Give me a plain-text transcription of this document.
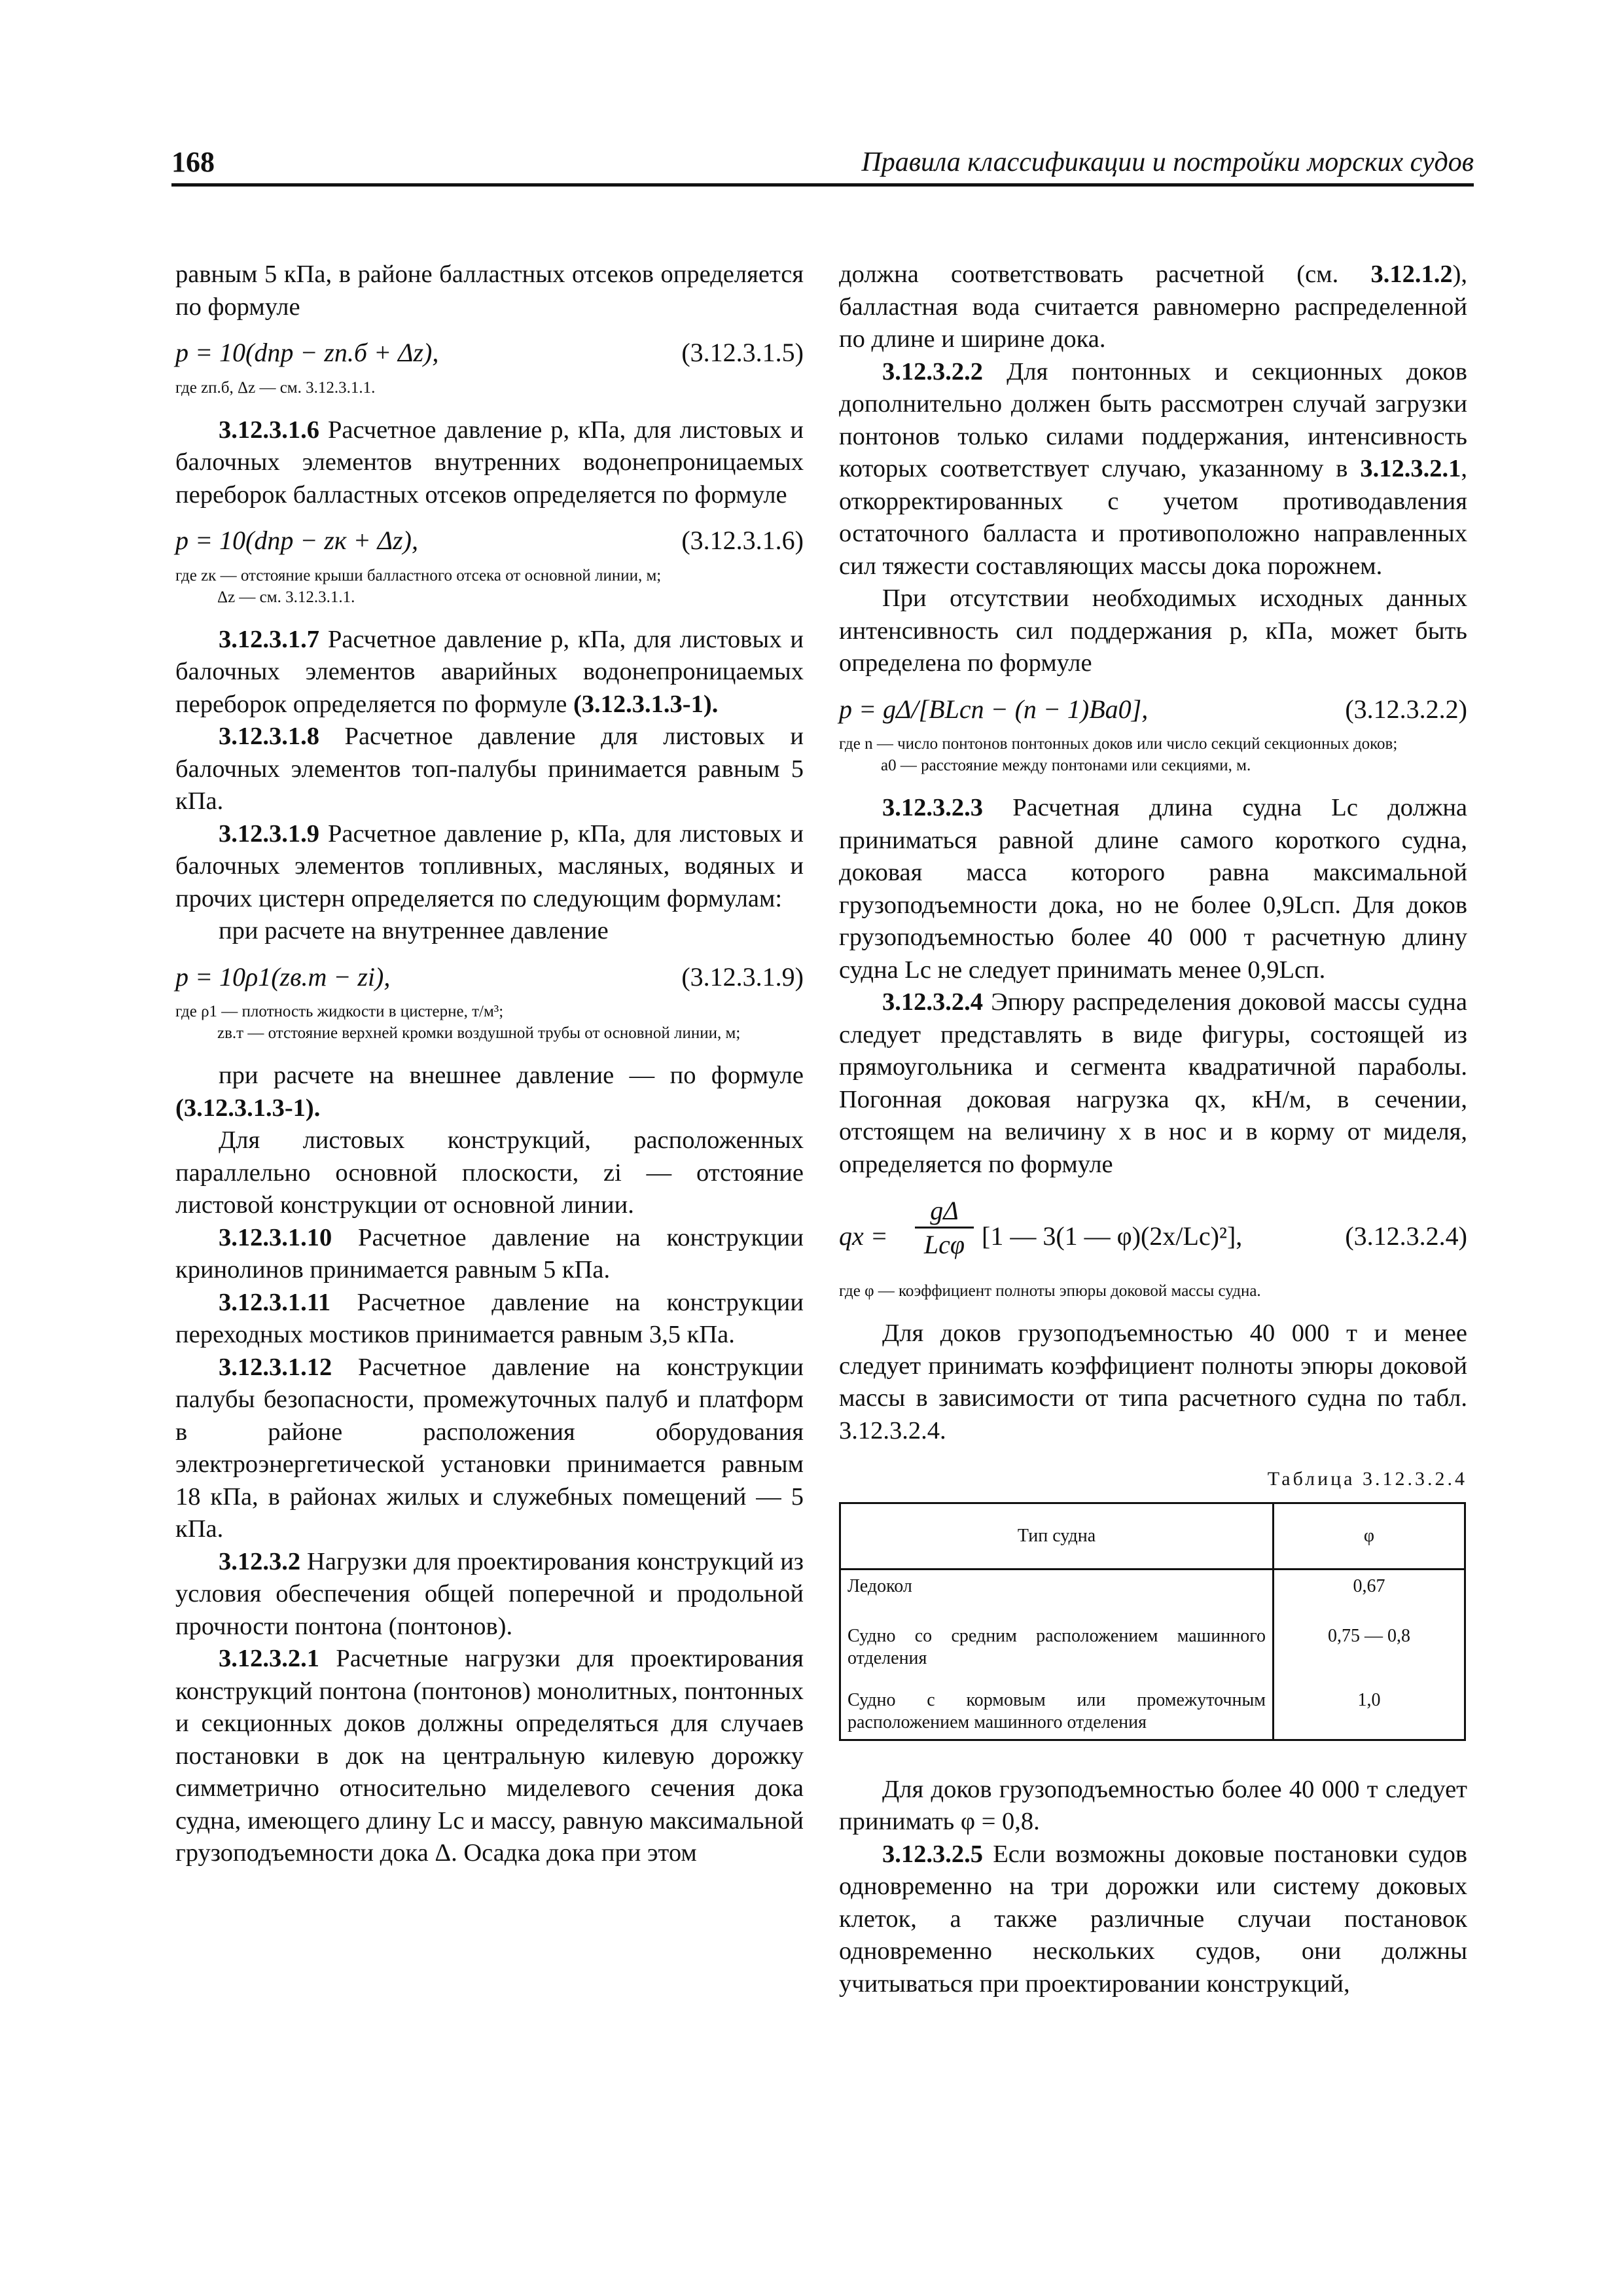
168	Правила классификации и постройки морских судов

равным 5 кПа, в районе балластных отсеков определяется по формуле

p = 10(dпр − zп.б + Δz),	(3.12.3.1.5)

где zп.б, Δz — см. 3.12.3.1.1.

3.12.3.1.6 Расчетное давление p, кПа, для листовых и балочных элементов внутренних водонепроницаемых переборок балластных отсеков определяется по формуле

p = 10(dпр − zк + Δz),	(3.12.3.1.6)

где zк — отстояние крыши балластного отсека от основной линии, м;

Δz — см. 3.12.3.1.1.

3.12.3.1.7 Расчетное давление p, кПа, для листовых и балочных элементов аварийных водонепроницаемых переборок определяется по формуле (3.12.3.1.3-1).

3.12.3.1.8 Расчетное давление для листовых и балочных элементов топ-палубы принимается равным 5 кПа.

3.12.3.1.9 Расчетное давление p, кПа, для листовых и балочных элементов топливных, масляных, водяных и прочих цистерн определяется по следующим формулам:

при расчете на внутреннее давление

p = 10ρ1(zв.т − zi),	(3.12.3.1.9)

где ρ1 — плотность жидкости в цистерне, т/м³;

zв.т — отстояние верхней кромки воздушной трубы от основной линии, м;

при расчете на внешнее давление — по формуле (3.12.3.1.3-1).

Для листовых конструкций, расположенных параллельно основной плоскости, zi — отстояние листовой конструкции от основной линии.

3.12.3.1.10 Расчетное давление на конструкции кринолинов принимается равным 5 кПа.

3.12.3.1.11 Расчетное давление на конструкции переходных мостиков принимается равным 3,5 кПа.

3.12.3.1.12 Расчетное давление на конструкции палубы безопасности, промежуточных палуб и платформ в районе расположения оборудования электроэнергетической установки принимается равным 18 кПа, в районах жилых и служебных помещений — 5 кПа.

3.12.3.2 Нагрузки для проектирования конструкций из условия обеспечения общей поперечной и продольной прочности понтона (понтонов).

3.12.3.2.1 Расчетные нагрузки для проектирования конструкций понтона (понтонов) монолитных, понтонных и секционных доков должны определяться для случаев постановки в док на центральную килевую дорожку симметрично относительно миделевого сечения дока судна, имеющего длину Lс и массу, равную максимальной грузоподъемности дока Δ. Осадка дока при этом

должна соответствовать расчетной (см. 3.12.1.2), балластная вода считается равномерно распределенной по длине и ширине дока.

3.12.3.2.2 Для понтонных и секционных доков дополнительно должен быть рассмотрен случай загрузки понтонов только силами поддержания, интенсивность которых соответствует случаю, указанному в 3.12.3.2.1, откорректированных с учетом противодавления остаточного балласта и противоположно направленных сил тяжести составляющих массы дока порожнем.

При отсутствии необходимых исходных данных интенсивность сил поддержания p, кПа, может быть определена по формуле

p = gΔ/[BLсп − (n − 1)Ba0],	(3.12.3.2.2)

где n — число понтонов понтонных доков или число секций секционных доков;

a0 — расстояние между понтонами или секциями, м.

3.12.3.2.3 Расчетная длина судна Lс должна приниматься равной длине самого короткого судна, доковая масса которого равна максимальной грузоподъемности дока, но не более 0,9Lсп. Для доков грузоподъемностью более 40 000 т расчетную длину судна Lс не следует принимать менее 0,9Lсп.

3.12.3.2.4 Эпюру распределения доковой массы судна следует представлять в виде фигуры, состоящей из прямоугольника и сегмента квадратичной параболы. Погонная доковая нагрузка qx, кН/м, в сечении, отстоящем на величину x в нос и в корму от миделя, определяется по формуле

qx =
gΔ
Lсφ [1 — 3(1 — φ)(2x/Lс)²],	(3.12.3.2.4)

где φ — коэффициент полноты эпюры доковой массы судна.

Для доков грузоподъемностью 40 000 т и менее следует принимать коэффициент полноты эпюры доковой массы в зависимости от типа расчетного судна по табл. 3.12.3.2.4.

Таблица 3.12.3.2.4
Тип судна	φ
Ледокол	0,67
Судно со средним расположением машинного отделения	0,75 — 0,8
Судно с кормовым или промежуточным расположением машинного отделения	1,0

Для доков грузоподъемностью более 40 000 т следует принимать φ = 0,8.

3.12.3.2.5 Если возможны доковые постановки судов одновременно на три дорожки или систему доковых клеток, а также различные случаи постановок одновременно нескольких судов, они должны учитываться при проектировании конструкций,
